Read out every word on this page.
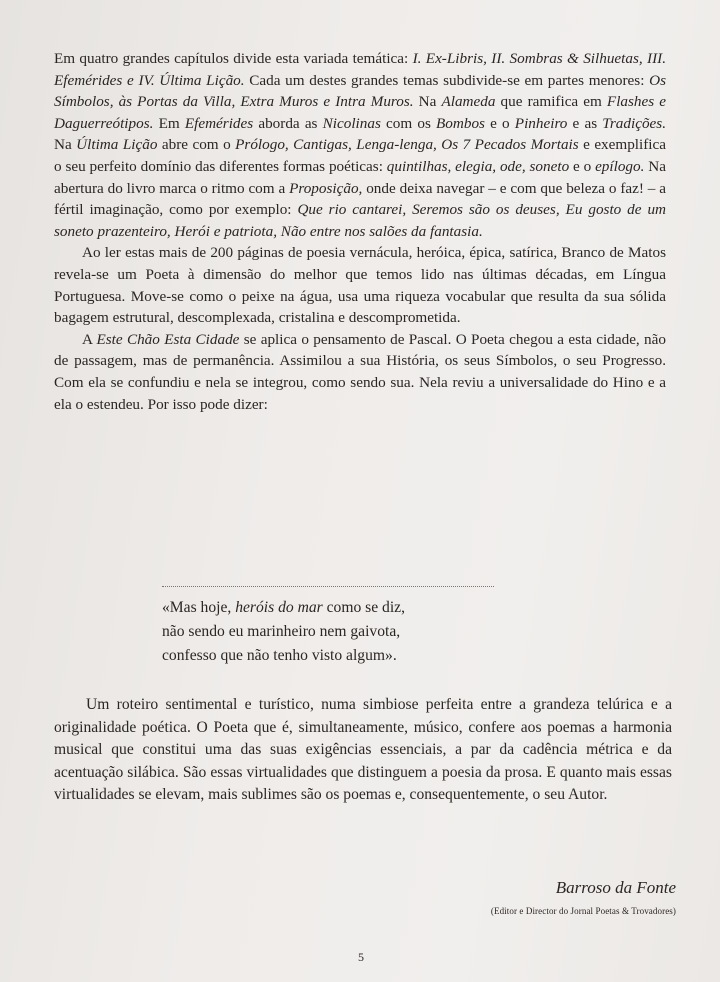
Em quatro grandes capítulos divide esta variada temática: I. Ex-Libris, II. Sombras & Silhuetas, III. Efemérides e IV. Última Lição. Cada um destes grandes temas subdivide-se em partes menores: Os Símbolos, às Portas da Villa, Extra Muros e Intra Muros. Na Alameda que ramifica em Flashes e Daguerreótipos. Em Efemérides aborda as Nicolinas com os Bombos e o Pinheiro e as Tradições. Na Última Lição abre com o Prólogo, Cantigas, Lenga-lenga, Os 7 Pecados Mortais e exemplifica o seu perfeito domínio das diferentes formas poéticas: quintilhas, elegia, ode, soneto e o epílogo. Na abertura do livro marca o ritmo com a Proposição, onde deixa navegar – e com que beleza o faz! – a fértil imaginação, como por exemplo: Que rio cantarei, Seremos são os deuses, Eu gosto de um soneto prazenteiro, Herói e patriota, Não entre nos salões da fantasia.

Ao ler estas mais de 200 páginas de poesia vernácula, heróica, épica, satírica, Branco de Matos revela-se um Poeta à dimensão do melhor que temos lido nas últimas décadas, em Língua Portuguesa. Move-se como o peixe na água, usa uma riqueza vocabular que resulta da sua sólida bagagem estrutural, descomplexada, cristalina e descomprometida.

A Este Chão Esta Cidade se aplica o pensamento de Pascal. O Poeta chegou a esta cidade, não de passagem, mas de permanência. Assimilou a sua História, os seus Símbolos, o seu Progresso. Com ela se confundiu e nela se integrou, como sendo sua. Nela reviu a universalidade do Hino e a ela o estendeu. Por isso pode dizer:

«Mas hoje, heróis do mar como se diz,
não sendo eu marinheiro nem gaivota,
confesso que não tenho visto algum».

Um roteiro sentimental e turístico, numa simbiose perfeita entre a grandeza telúrica e a originalidade poética. O Poeta que é, simultaneamente, músico, confere aos poemas a harmonia musical que constitui uma das suas exigências essenciais, a par da cadência métrica e da acentuação silábica. São essas virtualidades que distinguem a poesia da prosa. E quanto mais essas virtualidades se elevam, mais sublimes são os poemas e, consequentemente, o seu Autor.

Barroso da Fonte
(Editor e Director do Jornal Poetas & Trovadores)
5
